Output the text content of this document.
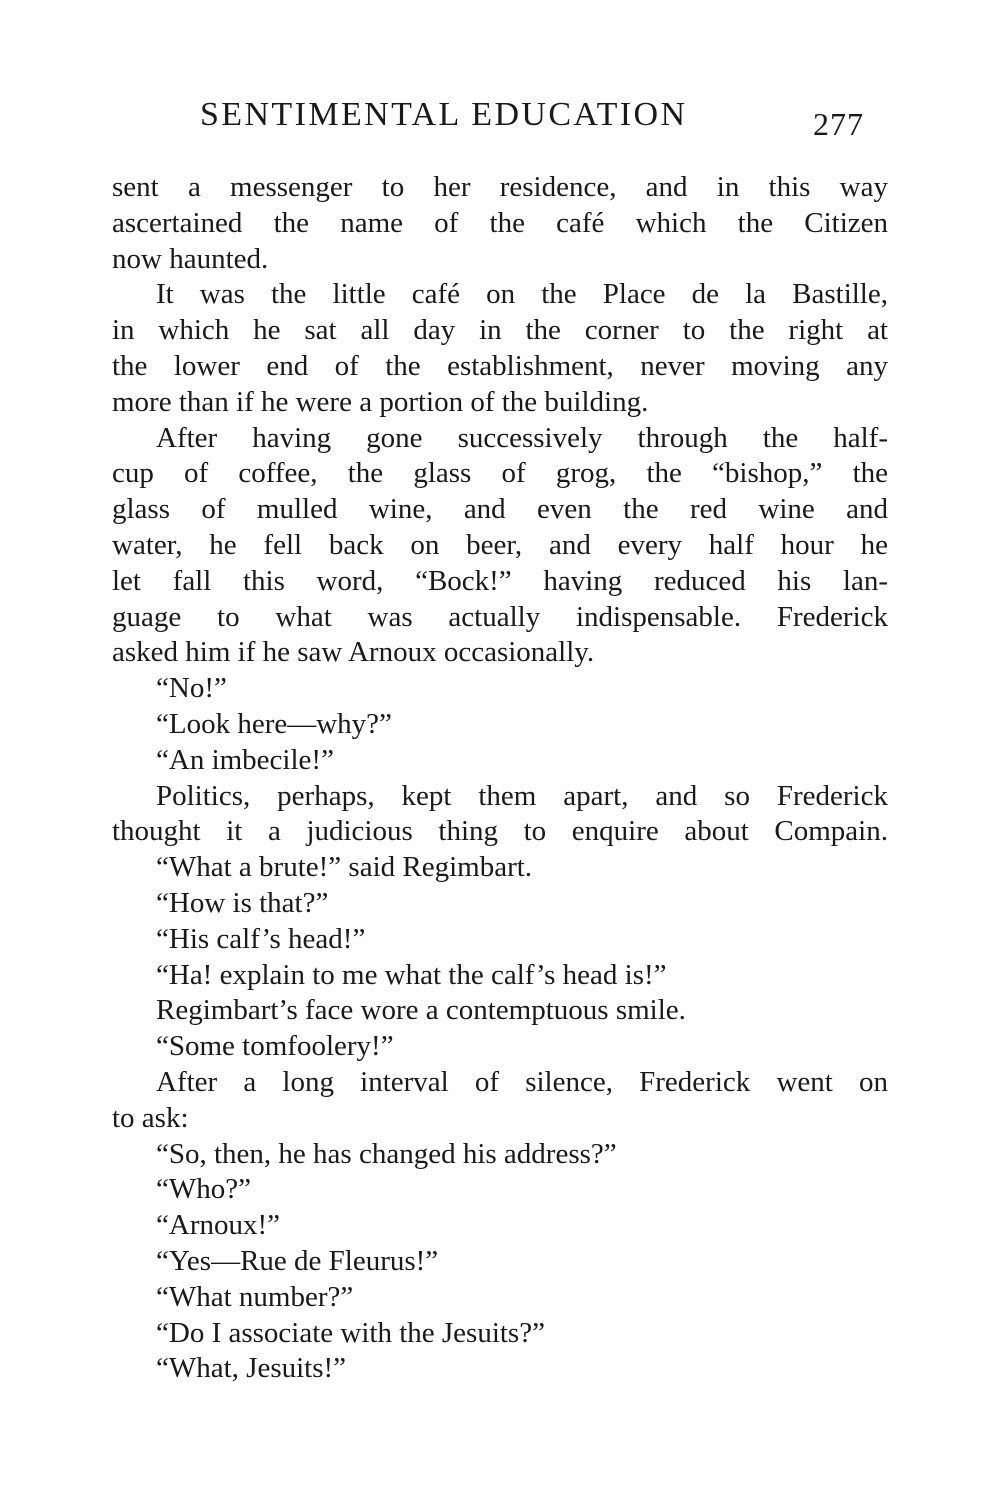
SENTIMENTAL EDUCATION	277
sent a messenger to her residence, and in this way
ascertained the name of the café which the Citizen
now haunted.
It was the little café on the Place de la Bastille,
in which he sat all day in the corner to the right at
the lower end of the establishment, never moving any
more than if he were a portion of the building.
After having gone successively through the half-
cup of coffee, the glass of grog, the “bishop,” the
glass of mulled wine, and even the red wine and
water, he fell back on beer, and every half hour he
let fall this word, “Bock!” having reduced his lan-
guage to what was actually indispensable. Frederick
asked him if he saw Arnoux occasionally.
“No!”
“Look here—why?”
“An imbecile!”
Politics, perhaps, kept them apart, and so Frederick
thought it a judicious thing to enquire about Compain.
“What a brute!” said Regimbart.
“How is that?”
“His calf’s head!”
“Ha! explain to me what the calf’s head is!”
Regimbart’s face wore a contemptuous smile.
“Some tomfoolery!”
After a long interval of silence, Frederick went on
to ask:
“So, then, he has changed his address?”
“Who?”
“Arnoux!”
“Yes—Rue de Fleurus!”
“What number?”
“Do I associate with the Jesuits?”
“What, Jesuits!”
